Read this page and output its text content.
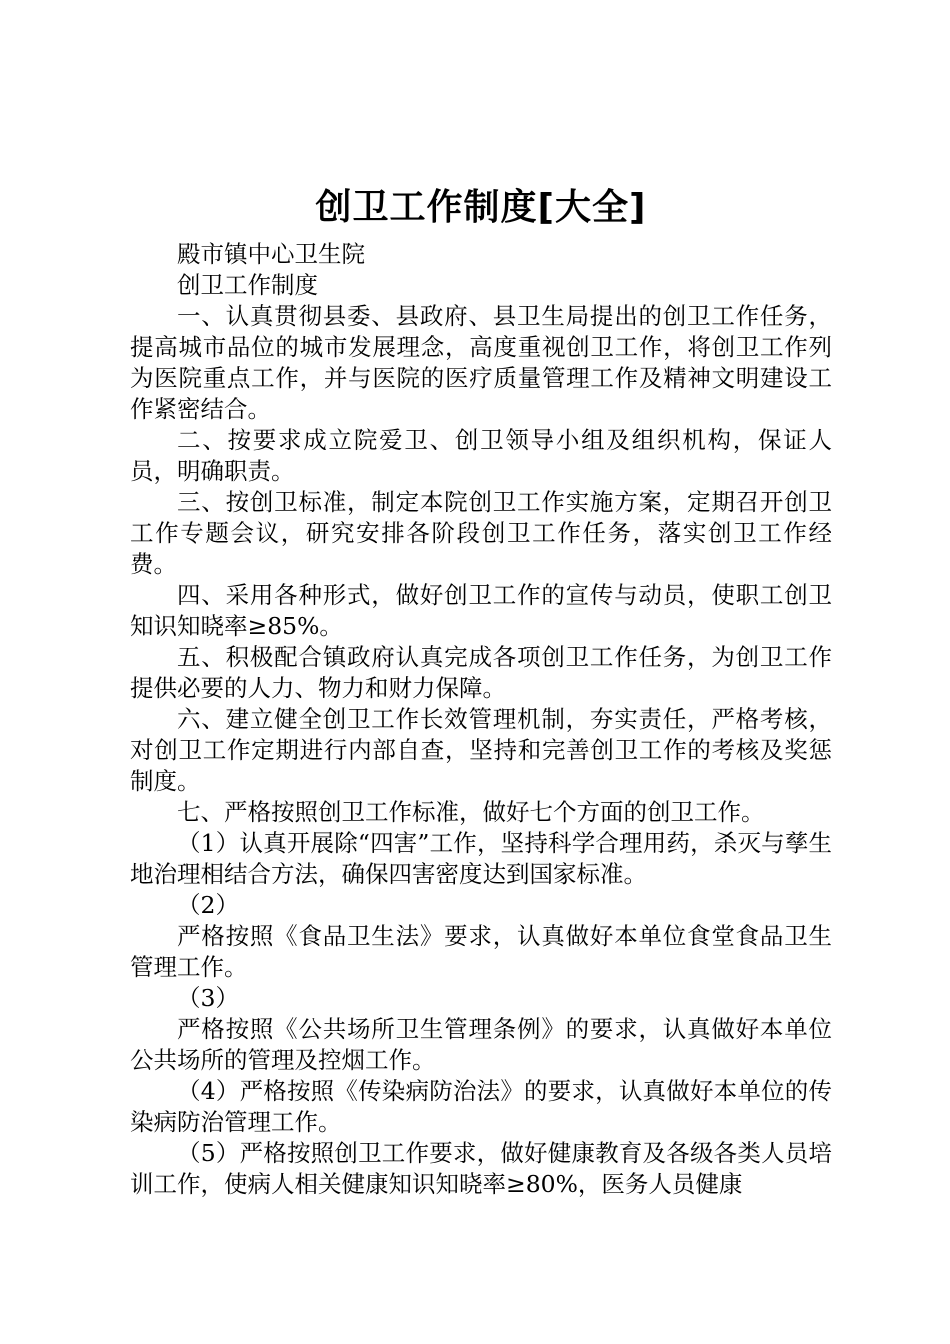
创卫工作制度[大全]

殿市镇中心卫生院

创卫工作制度

一、认真贯彻县委、县政府、县卫生局提出的创卫工作任务，提高城市品位的城市发展理念，高度重视创卫工作，将创卫工作列为医院重点工作，并与医院的医疗质量管理工作及精神文明建设工作紧密结合。

二、按要求成立院爱卫、创卫领导小组及组织机构，保证人员，明确职责。

三、按创卫标准，制定本院创卫工作实施方案，定期召开创卫工作专题会议，研究安排各阶段创卫工作任务，落实创卫工作经费。

四、采用各种形式，做好创卫工作的宣传与动员，使职工创卫知识知晓率≥85%。

五、积极配合镇政府认真完成各项创卫工作任务，为创卫工作提供必要的人力、物力和财力保障。

六、建立健全创卫工作长效管理机制，夯实责任，严格考核，对创卫工作定期进行内部自查，坚持和完善创卫工作的考核及奖惩制度。

七、严格按照创卫工作标准，做好七个方面的创卫工作。

（1）认真开展除“四害”工作，坚持科学合理用药，杀灭与孳生地治理相结合方法，确保四害密度达到国家标准。

（2）

严格按照《食品卫生法》要求，认真做好本单位食堂食品卫生管理工作。

（3）

严格按照《公共场所卫生管理条例》的要求，认真做好本单位公共场所的管理及控烟工作。

（4）严格按照《传染病防治法》的要求，认真做好本单位的传染病防治管理工作。

（5）严格按照创卫工作要求，做好健康教育及各级各类人员培训工作，使病人相关健康知识知晓率≥80%，医务人员健康
